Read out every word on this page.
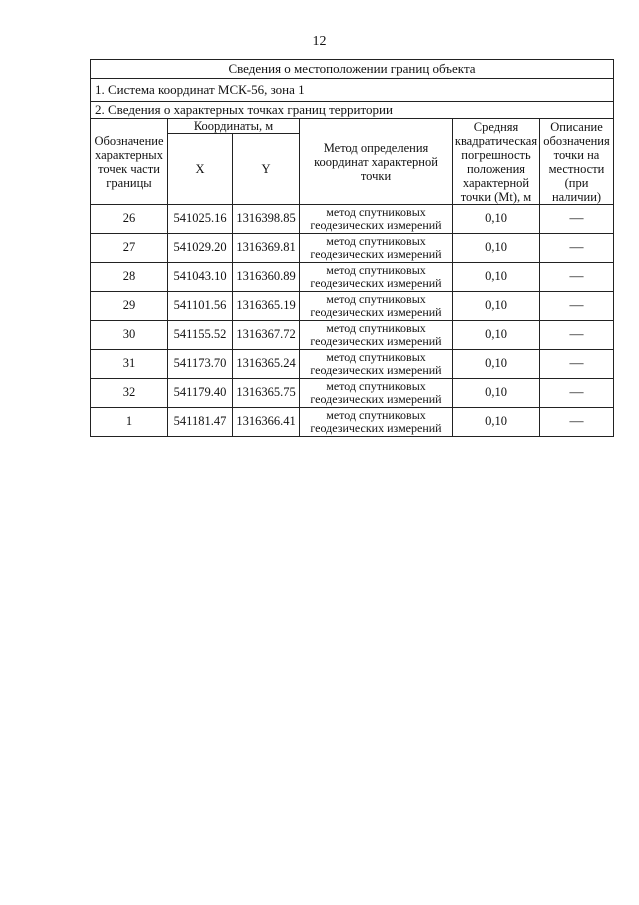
12
Сведения о местоположении границ объекта					
1. Система координат МСК-56, зона 1					
2. Сведения о характерных точках границ территории					
Обозначение характерных точек части границы	Координаты, м		Метод определения координат характерной точки	Средняя квадратическая погрешность положения характерной точки (Mt), м	Описание обозначения точки на местности (при наличии)
	X	Y			
26	541025.16	1316398.85	метод спутниковых геодезических измерений	0,10	—
27	541029.20	1316369.81	метод спутниковых геодезических измерений	0,10	—
28	541043.10	1316360.89	метод спутниковых геодезических измерений	0,10	—
29	541101.56	1316365.19	метод спутниковых геодезических измерений	0,10	—
30	541155.52	1316367.72	метод спутниковых геодезических измерений	0,10	—
31	541173.70	1316365.24	метод спутниковых геодезических измерений	0,10	—
32	541179.40	1316365.75	метод спутниковых геодезических измерений	0,10	—
1	541181.47	1316366.41	метод спутниковых геодезических измерений	0,10	—
